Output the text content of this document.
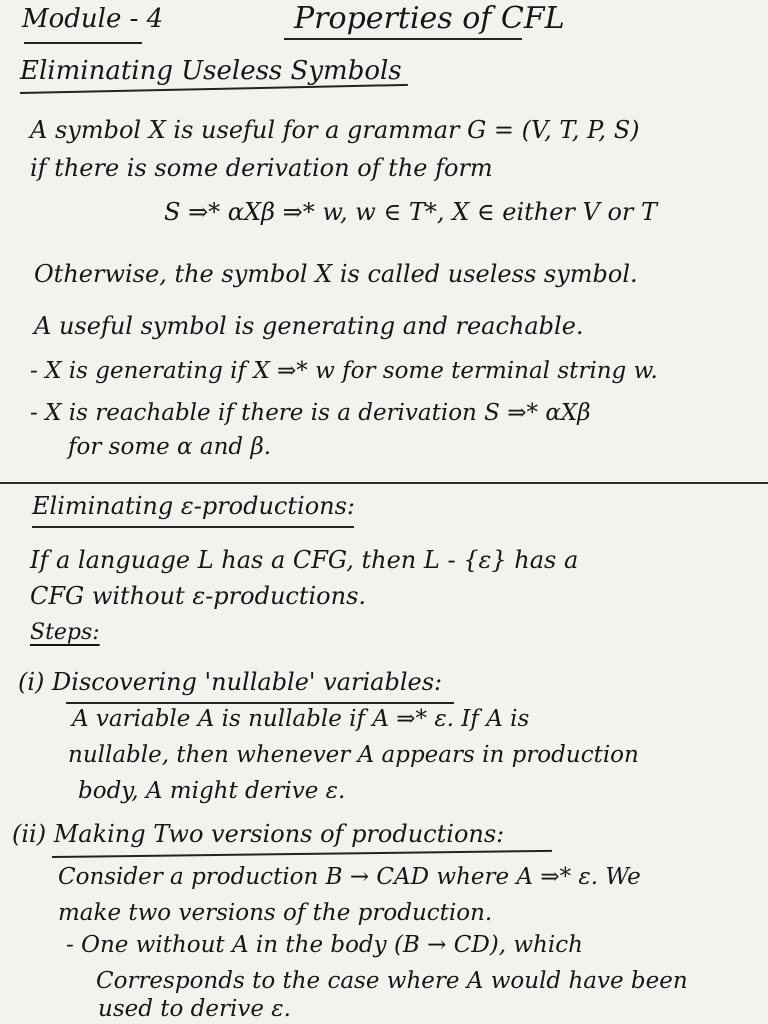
Module - 4	Properties of CFL
Eliminating Useless Symbols
A symbol X is useful for a grammar G = (V, T, P, S)
if there is some derivation of the form
S ⇒* αXβ ⇒* w, w ∈ T*, X ∈ either V or T
Otherwise, the symbol X is called useless symbol.
A useful symbol is generating and reachable.
- X is generating if X ⇒* w for some terminal string w.
- X is reachable if there is a derivation S ⇒* αXβ
for some α and β.
Eliminating ε-productions:
If a language L has a CFG, then L - {ε} has a
CFG without ε-productions.
Steps:
(i) Discovering 'nullable' variables:
A variable A is nullable if A ⇒* ε. If A is
nullable, then whenever A appears in production
body, A might derive ε.
(ii) Making Two versions of productions:
Consider a production B → CAD where A ⇒* ε. We
make two versions of the production.
- One without A in the body (B → CD), which
Corresponds to the case where A would have been
used to derive ε.
